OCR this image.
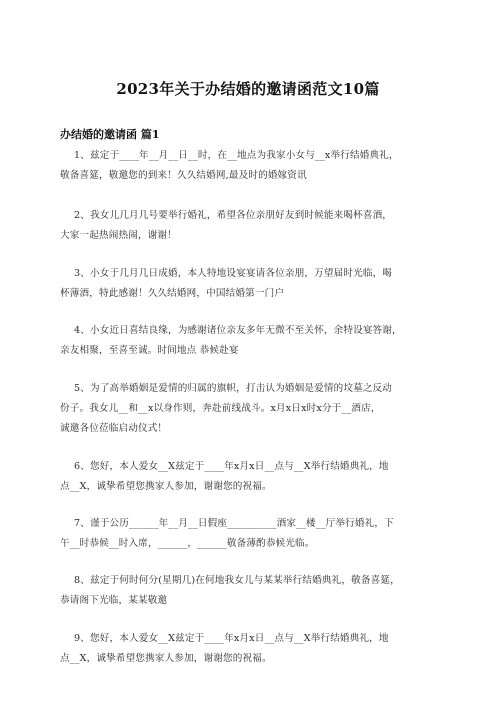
2023年关于办结婚的邀请函范文10篇
办结婚的邀请函 篇1
1、兹定于____年__月__日__时，在__地点为我家小女与__x举行结婚典礼，
敬备喜筵，敬邀您的到来！久久结婚网,最及时的婚嫁资讯
2、我女儿几月几号要举行婚礼，希望各位亲朋好友到时候能来喝杯喜酒，
大家一起热闹热闹，谢谢！
3、小女于几月几日成婚，本人特地设宴宴请各位亲朋，万望届时光临，喝
杯薄酒，特此感谢！久久结婚网，中国结婚第一门户
4、小女近日喜结良缘，为感谢诸位亲友多年无微不至关怀，余特设宴答谢，
亲友相聚，至喜至诚。时间地点 恭候赴宴
5、为了高举婚姻是爱情的归属的旗帜，打击认为婚姻是爱情的坟墓之反动
份子。我女儿__和__x以身作则，奔赴前线战斗。x月x日x时x分于__酒店，
诚邀各位莅临启动仪式！
6、您好，本人爱女__X兹定于____年x月x日__点与__X举行结婚典礼，地
点__X，诚挚希望您携家人参加，谢谢您的祝福。
7、谨于公历______年__月__日假座__________酒家__楼__厅举行婚礼，下
午__时恭候__时入席，______，______敬备薄酌恭候光临。
8、兹定于何时何分(星期几)在何地我女儿与某某举行结婚典礼，敬备喜筵，
恭请阁下光临，某某敬邀
9、您好，本人爱女__X兹定于____年x月x日__点与__X举行结婚典礼，地
点__X，诚挚希望您携家人参加，谢谢您的祝福。
